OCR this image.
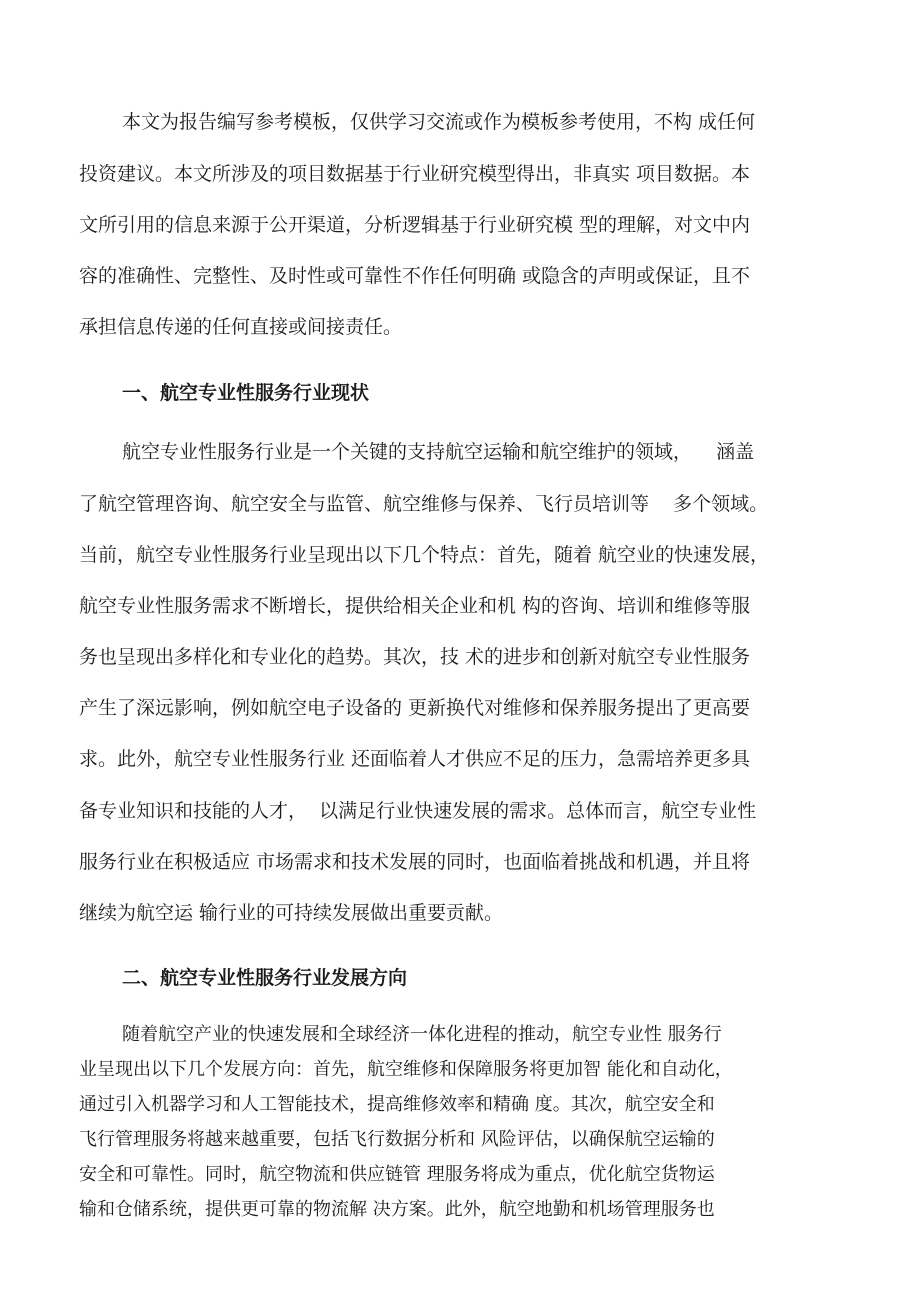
本文为报告编写参考模板，仅供学习交流或作为模板参考使用，不构 成任何
投资建议。本文所涉及的项目数据基于行业研究模型得出，非真实 项目数据。本
文所引用的信息来源于公开渠道，分析逻辑基于行业研究模 型的理解，对文中内
容的准确性、完整性、及时性或可靠性不作任何明确 或隐含的声明或保证，且不
承担信息传递的任何直接或间接责任。
一、航空专业性服务行业现状
航空专业性服务行业是一个关键的支持航空运输和航空维护的领域，    涵盖
了航空管理咨询、航空安全与监管、航空维修与保养、飞行员培训等    多个领域。
当前，航空专业性服务行业呈现出以下几个特点：首先，随着 航空业的快速发展，
航空专业性服务需求不断增长，提供给相关企业和机 构的咨询、培训和维修等服
务也呈现出多样化和专业化的趋势。其次，技 术的进步和创新对航空专业性服务
产生了深远影响，例如航空电子设备的 更新换代对维修和保养服务提出了更高要
求。此外，航空专业性服务行业 还面临着人才供应不足的压力，急需培养更多具
备专业知识和技能的人才，  以满足行业快速发展的需求。总体而言，航空专业性
服务行业在积极适应 市场需求和技术发展的同时，也面临着挑战和机遇，并且将
继续为航空运 输行业的可持续发展做出重要贡献。
二、航空专业性服务行业发展方向
随着航空产业的快速发展和全球经济一体化进程的推动，航空专业性 服务行
业呈现出以下几个发展方向：首先，航空维修和保障服务将更加智 能化和自动化，
通过引入机器学习和人工智能技术，提高维修效率和精确 度。其次，航空安全和
飞行管理服务将越来越重要，包括飞行数据分析和 风险评估，以确保航空运输的
安全和可靠性。同时，航空物流和供应链管 理服务将成为重点，优化航空货物运
输和仓储系统，提供更可靠的物流解 决方案。此外，航空地勤和机场管理服务也
